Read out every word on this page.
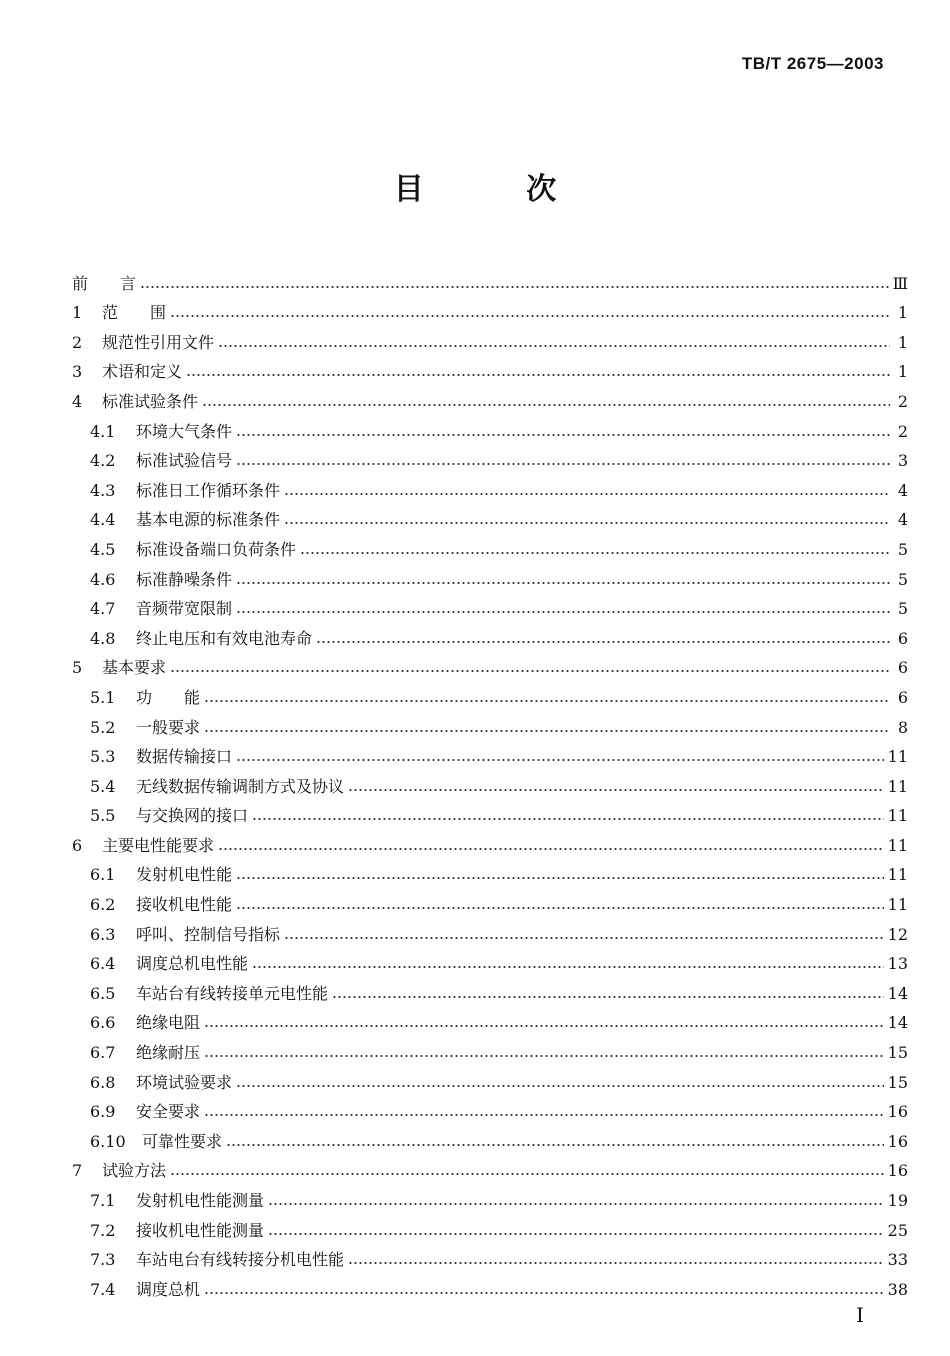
TB/T 2675—2003
目 次
前　　言	Ⅲ
1	范　　围	1
2	规范性引用文件	1
3	术语和定义	1
4	标准试验条件	2
4.1	环境大气条件	2
4.2	标准试验信号	3
4.3	标准日工作循环条件	4
4.4	基本电源的标准条件	4
4.5	标准设备端口负荷条件	5
4.6	标准静噪条件	5
4.7	音频带宽限制	5
4.8	终止电压和有效电池寿命	6
5	基本要求	6
5.1	功　　能	6
5.2	一般要求	8
5.3	数据传输接口	11
5.4	无线数据传输调制方式及协议	11
5.5	与交换网的接口	11
6	主要电性能要求	11
6.1	发射机电性能	11
6.2	接收机电性能	11
6.3	呼叫、控制信号指标	12
6.4	调度总机电性能	13
6.5	车站台有线转接单元电性能	14
6.6	绝缘电阻	14
6.7	绝缘耐压	15
6.8	环境试验要求	15
6.9	安全要求	16
6.10	可靠性要求	16
7	试验方法	16
7.1	发射机电性能测量	19
7.2	接收机电性能测量	25
7.3	车站电台有线转接分机电性能	33
7.4	调度总机	38
I
